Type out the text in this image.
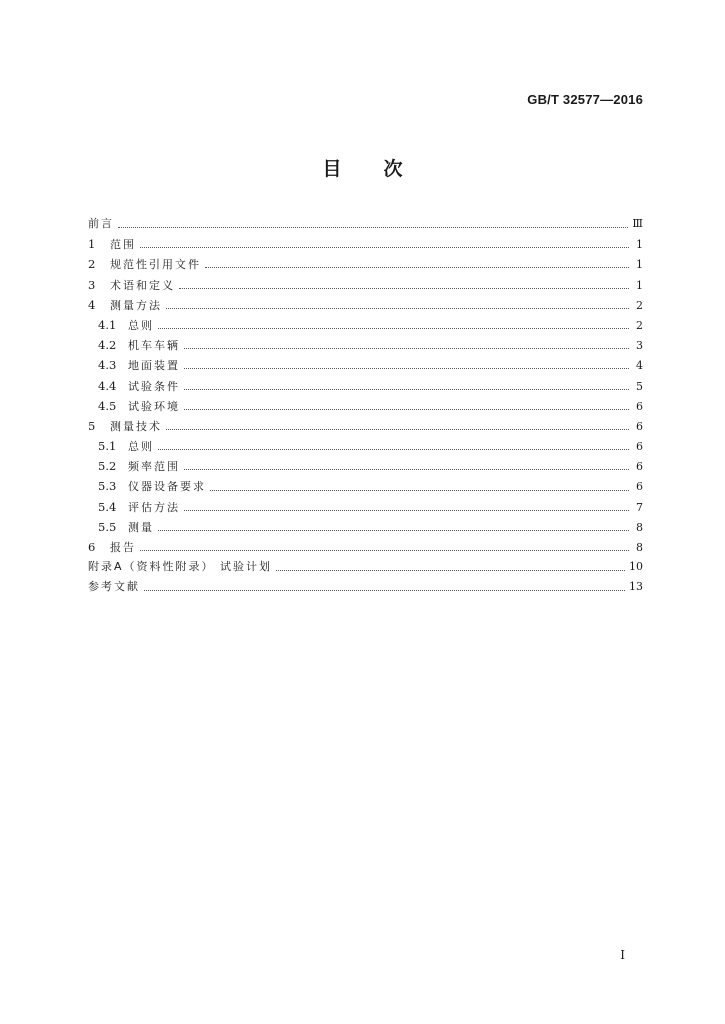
GB/T 32577—2016
目 次
前言	Ⅲ
1	范围	1
2	规范性引用文件	1
3	术语和定义	1
4	测量方法	2
4.1	总则	2
4.2	机车车辆	3
4.3	地面装置	4
4.4	试验条件	5
4.5	试验环境	6
5	测量技术	6
5.1	总则	6
5.2	频率范围	6
5.3	仪器设备要求	6
5.4	评估方法	7
5.5	测量	8
6	报告	8
附录A（资料性附录） 试验计划	10
参考文献	13
I
